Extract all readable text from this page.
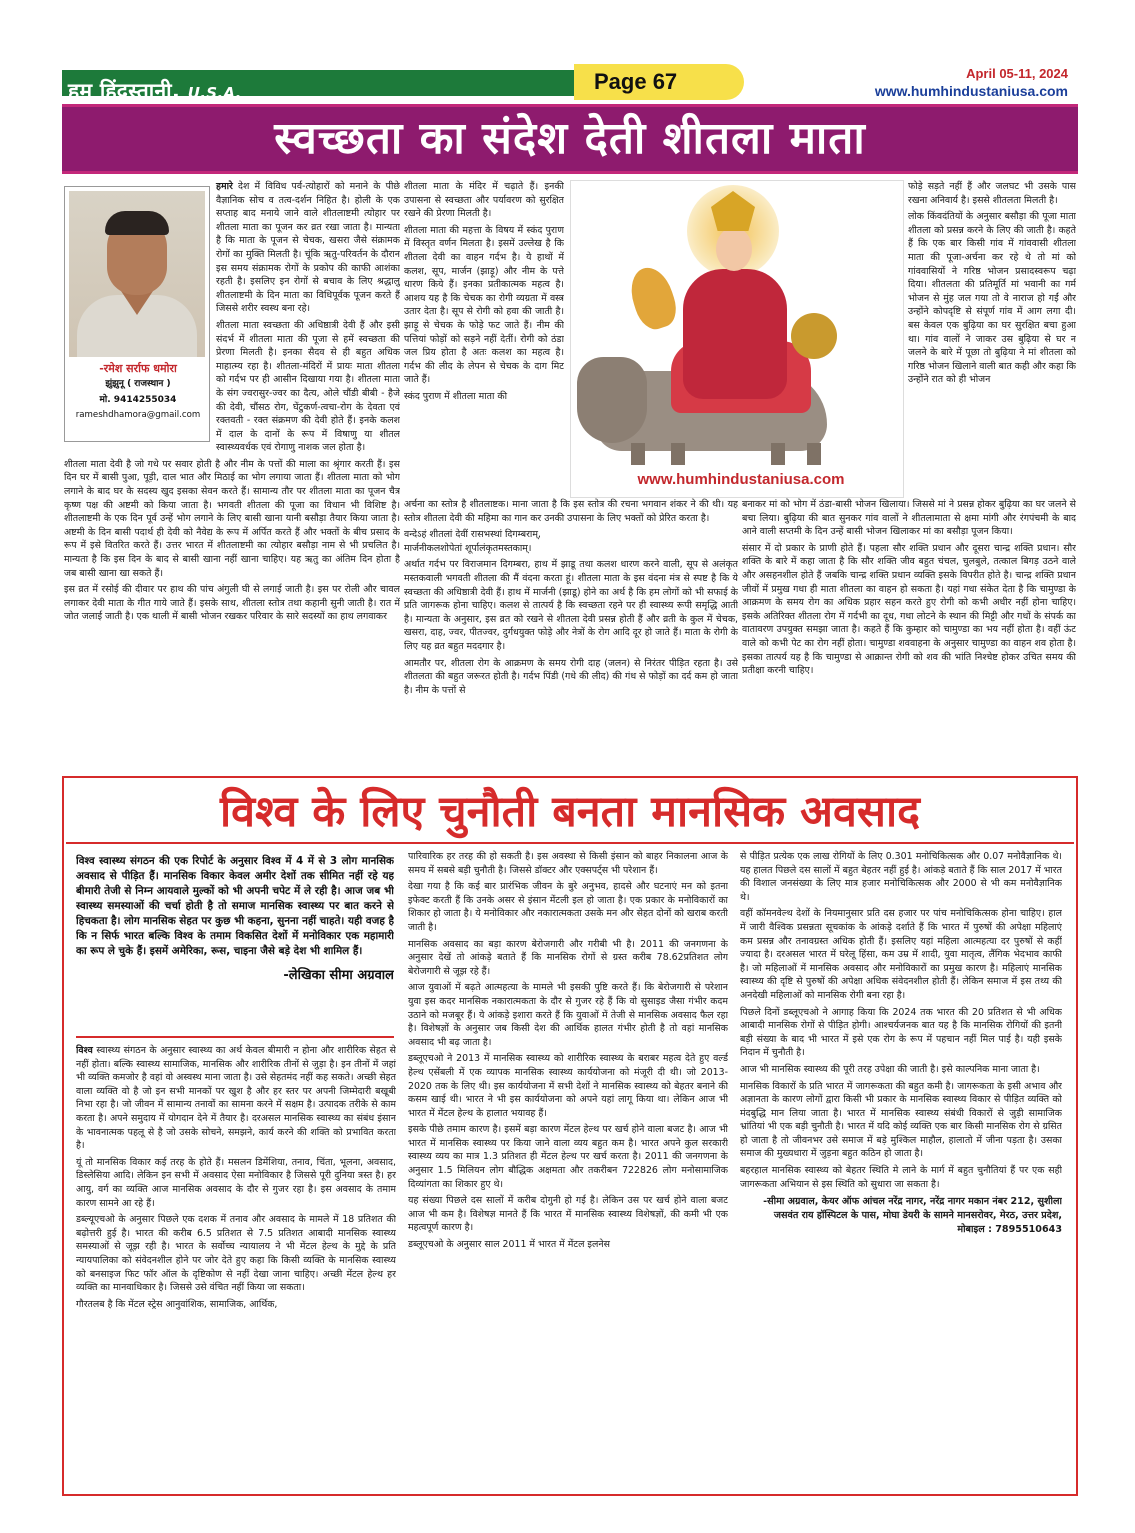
हम हिंदुस्तानी, U.S.A.	Page 67	April 05-11, 2024
www.humhindustaniusa.com
स्वच्छता का संदेश देती शीतला माता
-रमेश सर्राफ धमोरा
झुंझुनू ( राजस्थान )
मो. 9414255034
rameshdhamora@gmail.com

हमारे देश में विविध पर्व-त्योहारों को मनाने के पीछे वैज्ञानिक सोच व तत्व-दर्शन निहित है। होली के एक सप्ताह बाद मनाये जाने वाले शीतलाष्टमी त्योहार पर शीतला माता का पूजन कर व्रत रखा जाता है। मान्यता है कि माता के पूजन से चेचक, खसरा जैसे संक्रामक रोगों का मुक्ति मिलती है। चूंकि ऋतु-परिवर्तन के दौरान इस समय संक्रामक रोगों के प्रकोप की काफी आशंका रहती है। इसलिए इन रोगों से बचाव के लिए श्रद्धालु शीतलाष्टमी के दिन माता का विधिपूर्वक पूजन करते हैं जिससे शरीर स्वस्थ बना रहे।

शीतला माता स्वच्छता की अधिष्ठात्री देवी हैं और इसी संदर्भ में शीतला माता की पूजा से हमें स्वच्छता की प्रेरणा मिलती है। इनका सैदव से ही बहुत अधिक माहात्म्य रहा है। शीतला-मंदिरों में प्रायः माता शीतला को गर्दभ पर ही आसीन दिखाया गया है। शीतला माता के संग ज्वरासुर-ज्वर का दैत्य, ओले चौंडी बीबी - हैजे की देवी, चौंसठ रोग, घेंटुकर्ण-त्वचा-रोग के देवता एवं रक्तवती - रक्त संक्रमण की देवी होते हैं। इनके कलश में दाल के दानों के रूप में विषाणु या शीतल स्वास्थ्यवर्धक एवं रोगाणु नाशक जल होता है।

शीतला माता देवी है जो गधे पर सवार होती है और नीम के पत्तों की माला का श्रृंगार करती हैं। इस दिन घर में बासी पुआ, पूड़ी, दाल भात और मिठाई का भोग लगाया जाता हैं। शीतला माता को भोग लगाने के बाद घर के सदस्य खुद इसका सेवन करते हैं। सामान्य तौर पर शीतला माता का पूजन चैत्र कृष्ण पक्ष की अष्टमी को किया जाता है। भगवती शीतला की पूजा का विधान भी विशिष्ट है। शीतलाष्टमी के एक दिन पूर्व उन्हें भोग लगाने के लिए बासी खाना यानी बसौड़ा तैयार किया जाता है। अष्टमी के दिन बासी पदार्थ ही देवी को नैवेद्य के रूप में अर्पित करते हैं और भक्तों के बीच प्रसाद के रूप में इसे वितरित करते हैं। उत्तर भारत में शीतलाष्टमी का त्योहार बसौड़ा नाम से भी प्रचलित है। मान्यता है कि इस दिन के बाद से बासी खाना नहीं खाना चाहिए। यह ऋतु का अंतिम दिन होता है जब बासी खाना खा सकते हैं।

इस व्रत में रसोई की दीवार पर हाथ की पांच अंगुली घी से लगाई जाती है। इस पर रोली और चावल लगाकर देवी माता के गीत गाये जाते हैं। इसके साथ, शीतला स्तोत्र तथा कहानी सुनी जाती है। रात में जोत जलाई जाती है। एक थाली में बासी भोजन रखकर परिवार के सारे सदस्यों का हाथ लगवाकर

शीतला माता के मंदिर में चढ़ाते हैं। इनकी उपासना से स्वच्छता और पर्यावरण को सुरक्षित रखने की प्रेरणा मिलती है।

शीतला माता की महत्ता के विषय में स्कंद पुराण में विस्तृत वर्णन मिलता है। इसमें उल्लेख है कि शीतला देवी का वाहन गर्दभ है। ये हाथों में कलश, सूप, मार्जन (झाड़ू) और नीम के पत्ते धारण किये हैं। इनका प्रतीकात्मक महत्व है। आशय यह है कि चेचक का रोगी व्यग्रता में वस्त्र उतार देता है। सूप से रोगी को हवा की जाती है। झाड़ू से चेचक के फोड़े फट जाते हैं। नीम की पत्तियां फोड़ों को सड़ने नहीं देतीं। रोगी को ठंडा जल प्रिय होता है अतः कलश का महत्व है। गर्दभ की लीद के लेपन से चेचक के दाग मिट जाते हैं।

स्कंद पुराण में शीतला माता की

www.humhindustaniusa.com

फोड़े सड़ते नहीं हैं और जलघट भी उसके पास रखना अनिवार्य है। इससे शीतलता मिलती है।

लोक किंवदंतियों के अनुसार बसौड़ा की पूजा माता शीतला को प्रसन्न करने के लिए की जाती है। कहते हैं कि एक बार किसी गांव में गांववासी शीतला माता की पूजा-अर्चना कर रहे थे तो मां को गांववासियों ने गरिष्ठ भोजन प्रसादस्वरूप चढ़ा दिया। शीतलता की प्रतिमूर्ति मां भवानी का गर्म भोजन से मुंह जल गया तो वे नाराज हो गईं और उन्होंने कोपदृष्टि से संपूर्ण गांव में आग लगा दी। बस केवल एक बुढ़िया का घर सुरक्षित बचा हुआ था। गांव वालों ने जाकर उस बुढ़िया से घर न जलने के बारे में पूछा तो बुढ़िया ने मां शीतला को गरिष्ठ भोजन खिलाने वाली बात कही और कहा कि उन्होंने रात को ही भोजन

अर्चना का स्तोत्र है शीतलाष्टक। माना जाता है कि इस स्तोत्र की रचना भगवान शंकर ने की थी। यह स्तोत्र शीतला देवी की महिमा का गान कर उनकी उपासना के लिए भक्तों को प्रेरित करता है।

वन्देऽहं शीतलां देवीं रासभस्थां दिगम्बराम्,

मार्जनीकलशोपेतां शूर्पालंकृतमस्तकाम्।

अर्थात गर्दभ पर विराजमान दिगम्बरा, हाथ में झाडू तथा कलश धारण करने वाली, सूप से अलंकृत मस्तकवाली भगवती शीतला की मैं वंदना करता हूं। शीतला माता के इस वंदना मंत्र से स्पष्ट है कि ये स्वच्छता की अधिष्ठात्री देवी हैं। हाथ में मार्जनी (झाडू) होने का अर्थ है कि हम लोगों को भी सफाई के प्रति जागरूक होना चाहिए। कलश से तात्पर्य है कि स्वच्छता रहने पर ही स्वास्थ्य रूपी समृद्धि आती है। मान्यता के अनुसार, इस व्रत को रखने से शीतला देवी प्रसन्न होती हैं और व्रती के कुल में चेचक, खसरा, दाह, ज्वर, पीतज्वर, दुर्गधयुक्त फोड़े और नेत्रों के रोग आदि दूर हो जाते हैं। माता के रोगी के लिए यह व्रत बहुत मददगार है।

आमतौर पर, शीतला रोग के आक्रमण के समय रोगी दाह (जलन) से निरंतर पीड़ित रहता है। उसे शीतलता की बहुत जरूरत होती है। गर्दभ पिंडी (गधे की लीद) की गंध से फोड़ों का दर्द कम हो जाता है। नीम के पत्तों से

बनाकर मां को भोग में ठंडा-बासी भोजन खिलाया। जिससे मां ने प्रसन्न होकर बुढ़िया का घर जलने से बचा लिया। बुढ़िया की बात सुनकर गांव वालों ने शीतलामाता से क्षमा मांगी और रंगपंचमी के बाद आने वाली सप्तमी के दिन उन्हें बासी भोजन खिलाकर मां का बसौड़ा पूजन किया।

संसार में दो प्रकार के प्राणी होते हैं। पहला सौर शक्ति प्रधान और दूसरा चान्द्र शक्ति प्रधान। सौर शक्ति के बारे में कहा जाता है कि सौर शक्ति जीव बहुत चंचल, चुलबुले, तत्काल बिगड़ उठने वाले और असहनशील होते हैं जबकि चान्द्र शक्ति प्रधान व्यक्ति इसके विपरीत होते है। चान्द्र शक्ति प्रधान जीवों में प्रमुख गधा ही माता शीतला का वाहन हो सकता है। यहां गधा संकेत देता है कि चामुण्डा के आक्रमण के समय रोग का अधिक प्रहार सहन करते हुए रोगी को कभी अधीर नहीं होना चाहिए। इसके अतिरिक्त शीतला रोग में गर्दभी का दूध, गधा लोटने के स्थान की मिट्टी और गधों के संपर्क का वातावरण उपयुक्त समझा जाता है। कहते हैं कि कुम्हार को चामुण्डा का भय नहीं होता है। वहीं ऊंट वाले को कभी पेट का रोग नहीं होता। चामुण्डा शववाहना के अनुसार चामुण्डा का वाहन शव होता है। इसका तात्पर्य यह है कि चामुण्डा से आक्रान्त रोगी को शव की भांति निश्चेष्ट होकर उचित समय की प्रतीक्षा करनी चाहिए।

विश्व के लिए चुनौती बनता मानसिक अवसाद

विश्व स्वास्थ्य संगठन की एक रिपोर्ट के अनुसार विश्व में 4 में से 3 लोग मानसिक अवसाद से पीड़ित हैं। मानसिक विकार केवल अमीर देशों तक सीमित नहीं रहे यह बीमारी तेजी से निम्न आयवाले मुल्कों को भी अपनी चपेट में ले रही है। आज जब भी स्वास्थ्य समस्याओं की चर्चा होती है तो समाज मानसिक स्वास्थ्य पर बात करने से हिचकता है। लोग मानसिक सेहत पर कुछ भी कहना, सुनना नहीं चाहते। यही वजह है कि न सिर्फ भारत बल्कि विश्व के तमाम विकसित देशों में मनोविकार एक महामारी का रूप ले चुके हैं। इसमें अमेरिका, रूस, चाइना जैसे बड़े देश भी शामिल हैं।

-लेखिका सीमा अग्रवाल

विश्व स्वास्थ्य संगठन के अनुसार स्वास्थ्य का अर्थ केवल बीमारी न होना और शारीरिक सेहत से नहीं होता। बल्कि स्वास्थ्य सामाजिक, मानसिक और शारीरिक तीनों से जुड़ा है। इन तीनों में जहां भी व्यक्ति कमजोर है वहां वो अस्वस्थ माना जाता है। उसे सेहतमंद नहीं कह सकते। अच्छी सेहत वाला व्यक्ति वो है जो इन सभी मानकों पर खुश है और हर स्तर पर अपनी जिम्मेदारी बखूबी निभा रहा है। जो जीवन में सामान्य तनावों का सामना करने में सक्षम है। उत्पादक तरीके से काम करता है। अपने समुदाय में योगदान देने में तैयार है। दरअसल मानसिक स्वास्थ्य का संबंध इंसान के भावनात्मक पहलू से है जो उसके सोचने, समझने, कार्य करने की शक्ति को प्रभावित करता है।

यूं तो मानसिक विकार कई तरह के होते हैं। मसलन डिमेंशिया, तनाव, चिंता, भूलना, अवसाद, डिस्लेसिया आदि। लेकिन इन सभी में अवसाद ऐसा मनोविकार है जिससे पूरी दुनिया त्रस्त है। हर आयु, वर्ग का व्यक्ति आज मानसिक अवसाद के दौर से गुजर रहा है। इस अवसाद के तमाम कारण सामने आ रहे हैं।

डब्ल्यूएचओ के अनुसार पिछले एक दशक में तनाव और अवसाद के मामले में 18 प्रतिशत की बढ़ोत्तरी हुई है। भारत की करीब 6.5 प्रतिशत से 7.5 प्रतिशत आबादी मानसिक स्वास्थ्य समस्याओं से जूझ रही है। भारत के सर्वोच्च न्यायालय ने भी मेंटल हेल्थ के मुद्दे के प्रति न्यायपालिका को संवेदनशील होने पर जोर देते हुए कहा कि किसी व्यक्ति के मानसिक स्वास्थ्य को बनसाइज फिट फॉर ऑल के दृष्टिकोण से नहीं देखा जाना चाहिए। अच्छी मेंटल हेल्थ हर व्यक्ति का मानवाधिकार है। जिससे उसे वंचित नहीं किया जा सकता।

गौरतलब है कि मेंटल स्ट्रेस आनुवांशिक, सामाजिक, आर्थिक,

पारिवारिक हर तरह की हो सकती है। इस अवस्था से किसी इंसान को बाहर निकालना आज के समय में सबसे बड़ी चुनौती है। जिससे डॉक्टर और एक्सपर्ट्स भी परेशान हैं।

देखा गया है कि कई बार प्रारंभिक जीवन के बुरे अनुभव, हादसे और घटनाएं मन को इतना इफेक्ट करती हैं कि उनके असर से इंसान मेंटली इल हो जाता है। एक प्रकार के मनोविकारों का शिकार हो जाता है। ये मनोविकार और नकारात्मकता उसके मन और सेहत दोनों को खराब करती जाती है।

मानसिक अवसाद का बड़ा कारण बेरोजगारी और गरीबी भी है। 2011 की जनगणना के अनुसार देखें तो आंकड़े बताते हैं कि मानसिक रोगों से ग्रस्त करीब 78.62प्रतिशत लोग बेरोजगारी से जूझ रहे हैं।

आज युवाओं में बढ़ते आत्महत्या के मामले भी इसकी पुष्टि करते हैं। कि बेरोजगारी से परेशान युवा इस कदर मानसिक नकारात्मकता के दौर से गुजर रहे हैं कि वो सुसाइड जैसा गंभीर कदम उठाने को मजबूर हैं। ये आंकड़े इशारा करते हैं कि युवाओं में तेजी से मानसिक अवसाद फैल रहा है। विशेषज्ञों के अनुसार जब किसी देश की आर्थिक हालत गंभीर होती है तो वहां मानसिक अवसाद भी बढ़ जाता है।

डब्लूएचओ ने 2013 में मानसिक स्वास्थ्य को शारीरिक स्वास्थ्य के बराबर महत्व देते हुए वर्ल्ड हेल्थ एसेंबली में एक व्यापक मानसिक स्वास्थ्य कार्ययोजना को मंजूरी दी थी। जो 2013-2020 तक के लिए थी। इस कार्ययोजना में सभी देशों ने मानसिक स्वास्थ्य को बेहतर बनाने की कसम खाई थी। भारत ने भी इस कार्ययोजना को अपने यहां लागू किया था। लेकिन आज भी भारत में मेंटल हेल्थ के हालात भयावह हैं।

इसके पीछे तमाम कारण है। इसमें बड़ा कारण मेंटल हेल्थ पर खर्च होने वाला बजट है। आज भी भारत में मानसिक स्वास्थ्य पर किया जाने वाला व्यय बहुत कम है। भारत अपने कुल सरकारी स्वास्थ्य व्यय का मात्र 1.3 प्रतिशत ही मेंटल हेल्थ पर खर्च करता है। 2011 की जनगणना के अनुसार 1.5 मिलियन लोग बौद्धिक अक्षमता और तकरीबन 722826 लोग मनोसामाजिक दिव्यांगता का शिकार हुए थे।

यह संख्या पिछले दस सालों में करीब दोगुनी हो गई है। लेकिन उस पर खर्च होने वाला बजट आज भी कम है। विशेषज्ञ मानते हैं कि भारत में मानसिक स्वास्थ्य विशेषज्ञों, की कमी भी एक महत्वपूर्ण कारण है।

डब्लूएचओ के अनुसार साल 2011 में भारत में मेंटल इलनेस

से पीड़ित प्रत्येक एक लाख रोगियों के लिए 0.301 मनोचिकित्सक और 0.07 मनोवैज्ञानिक थे। यह हालत पिछले दस सालों में बहुत बेहतर नहीं हुई है। आंकड़े बताते हैं कि साल 2017 में भारत की विशाल जनसंख्या के लिए मात्र हजार मनोचिकित्सक और 2000 से भी कम मनोवैज्ञानिक थे।

वहीं कॉमनवेल्थ देशों के नियमानुसार प्रति दस हजार पर पांच मनोचिकित्सक होना चाहिए। हाल में जारी वैश्विक प्रसन्नता सूचकांक के आंकड़े दर्शाते हैं कि भारत में पुरुषों की अपेक्षा महिलाएं कम प्रसन्न और तनावग्रस्त अधिक होती हैं। इसलिए यहां महिला आत्महत्या दर पुरुषों से कहीं ज्यादा है। दरअसल भारत में घरेलू हिंसा, कम उम्र में शादी, युवा मातृत्व, लैंगिक भेदभाव काफी है। जो महिलाओं में मानसिक अवसाद और मनोविकारों का प्रमुख कारण है। महिलाएं मानसिक स्वास्थ्य की दृष्टि से पुरुषों की अपेक्षा अधिक संवेदनशील होती हैं। लेकिन समाज में इस तथ्य की अनदेखी महिलाओं को मानसिक रोगी बना रहा है।

पिछले दिनों डब्लूएचओ ने आगाह किया कि 2024 तक भारत की 20 प्रतिशत से भी अधिक आबादी मानसिक रोगों से पीड़ित होगी। आश्चर्यजनक बात यह है कि मानसिक रोगियों की इतनी बड़ी संख्या के बाद भी भारत में इसे एक रोग के रूप में पहचान नहीं मिल पाई है। यही इसके निदान में चुनौती है।

आज भी मानसिक स्वास्थ्य की पूरी तरह उपेक्षा की जाती है। इसे काल्पनिक माना जाता है।

मानसिक विकारों के प्रति भारत में जागरूकता की बहुत कमी है। जागरूकता के इसी अभाव और अज्ञानता के कारण लोगों द्वारा किसी भी प्रकार के मानसिक स्वास्थ्य विकार से पीड़ित व्यक्ति को मंदबुद्धि मान लिया जाता है। भारत में मानसिक स्वास्थ्य संबंधी विकारों से जुड़ी सामाजिक भ्रांतियां भी एक बड़ी चुनौती है। भारत में यदि कोई व्यक्ति एक बार किसी मानसिक रोग से ग्रसित हो जाता है तो जीवनभर उसे समाज में बड़े मुश्किल माहौल, हालातो में जीना पड़ता है। उसका समाज की मुख्यधारा में जुड़ना बहुत कठिन हो जाता है।

बहरहाल मानसिक स्वास्थ्य को बेहतर स्थिति मे लाने के मार्ग में बहुत चुनौतियां हैं पर एक सही जागरूकता अभियान से इस स्थिति को सुधारा जा सकता है।

-सीमा अग्रवाल, केयर ऑफ आंचल नरेंद्र नागर, नरेंद्र नागर मकान नंबर 212, सुशीला जसवंत राय हॉस्पिटल के पास, मोघा डेयरी के सामने मानसरोवर, मेरठ, उत्तर प्रदेश,
मोबाइल : 7895510643
